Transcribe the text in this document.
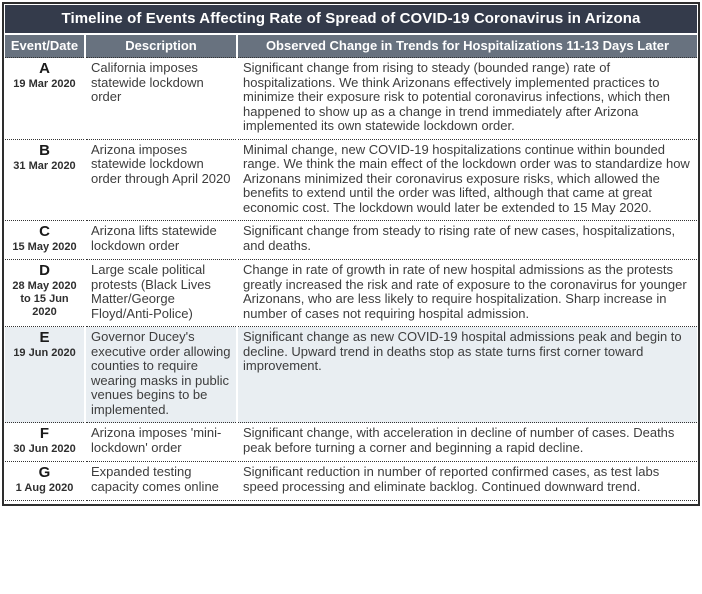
Timeline of Events Affecting Rate of Spread of COVID-19 Coronavirus in Arizona		
Event/Date	Description	Observed Change in Trends for Hospitalizations 11-13 Days Later

A
19 Mar 2020	California imposes statewide lockdown order	Significant change from rising to steady (bounded range) rate of hospitalizations. We think Arizonans effectively implemented practices to minimize their exposure risk to potential coronavirus infections, which then happened to show up as a change in trend immediately after Arizona implemented its own statewide lockdown order.

B
31 Mar 2020	Arizona imposes statewide lockdown order through April 2020	Minimal change, new COVID-19 hospitalizations continue within bounded range. We think the main effect of the lockdown order was to standardize how Arizonans minimized their coronavirus exposure risks, which allowed the benefits to extend until the order was lifted, although that came at great economic cost. The lockdown would later be extended to 15 May 2020.

C
15 May 2020	Arizona lifts statewide lockdown order	Significant change from steady to rising rate of new cases, hospitalizations, and deaths.

D
28 May 2020 to 15 Jun 2020	Large scale political protests (Black Lives Matter/George Floyd/Anti-Police)	Change in rate of growth in rate of new hospital admissions as the protests greatly increased the risk and rate of exposure to the coronavirus for younger Arizonans, who are less likely to require hospitalization. Sharp increase in number of cases not requiring hospital admission.

E
19 Jun 2020	Governor Ducey's executive order allowing counties to require wearing masks in public venues begins to be implemented.	Significant change as new COVID-19 hospital admissions peak and begin to decline. Upward trend in deaths stop as state turns first corner toward improvement.

F
30 Jun 2020	Arizona imposes 'mini-lockdown' order	Significant change, with acceleration in decline of number of cases. Deaths peak before turning a corner and beginning a rapid decline.

G
1 Aug 2020	Expanded testing capacity comes online	Significant reduction in number of reported confirmed cases, as test labs speed processing and eliminate backlog. Continued downward trend.
